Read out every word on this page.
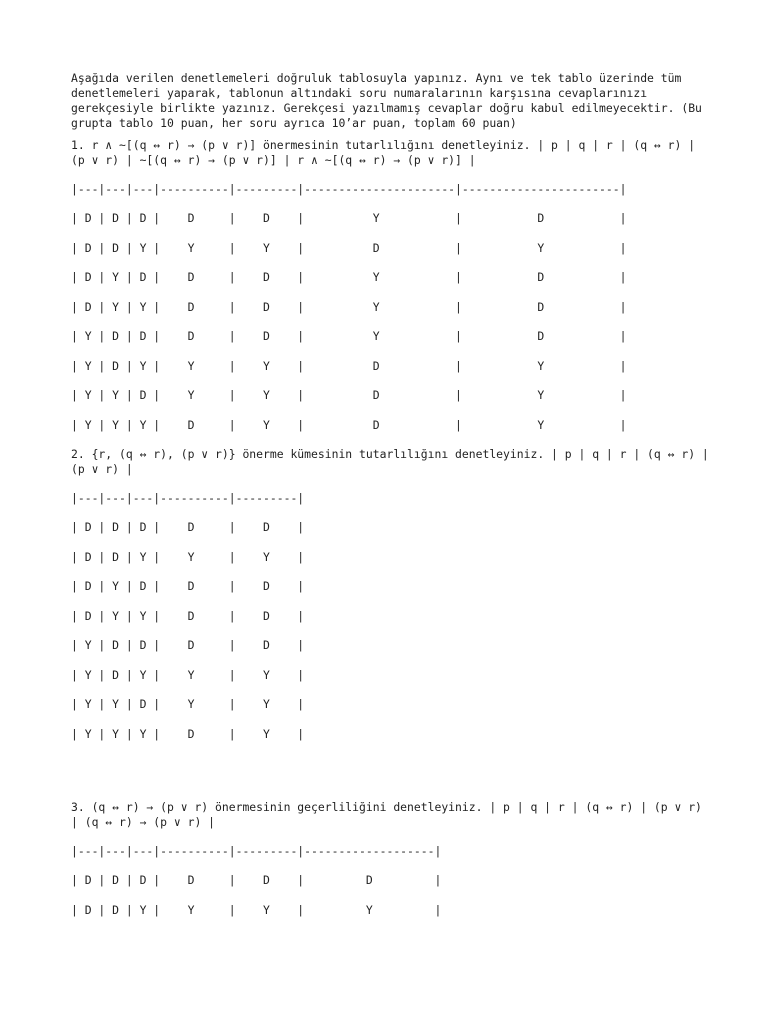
Aşağıda verilen denetlemeleri doğruluk tablosuyla yapınız. Aynı ve tek tablo üzerinde tüm denetlemeleri yaparak, tablonun altındaki soru numaralarının karşısına cevaplarınızı gerekçesiyle birlikte yazınız. Gerekçesi yazılmamış cevaplar doğru kabul edilmeyecektir. (Bu grupta tablo 10 puan, her soru ayrıca 10’ar puan, toplam 60 puan)

1. r ∧ ~[(q ↔ r) → (p ∨ r)] önermesinin tutarlılığını denetleyiniz. | p | q | r | (q ↔ r) | (p ∨ r) | ~[(q ↔ r) → (p ∨ r)] | r ∧ ~[(q ↔ r) → (p ∨ r)] |

|---|---|---|----------|---------|----------------------|-----------------------|
| D | D | D |    D     |    D    |          Y           |           D           |
| D | D | Y |    Y     |    Y    |          D           |           Y           |
| D | Y | D |    D     |    D    |          Y           |           D           |
| D | Y | Y |    D     |    D    |          Y           |           D           |
| Y | D | D |    D     |    D    |          Y           |           D           |
| Y | D | Y |    Y     |    Y    |          D           |           Y           |
| Y | Y | D |    Y     |    Y    |          D           |           Y           |
| Y | Y | Y |    D     |    Y    |          D           |           Y           |

2. {r, (q ↔ r), (p ∨ r)} önerme kümesinin tutarlılığını denetleyiniz. | p | q | r | (q ↔ r) | (p ∨ r) |

|---|---|---|----------|---------|
| D | D | D |    D     |    D    |
| D | D | Y |    Y     |    Y    |
| D | Y | D |    D     |    D    |
| D | Y | Y |    D     |    D    |
| Y | D | D |    D     |    D    |
| Y | D | Y |    Y     |    Y    |
| Y | Y | D |    Y     |    Y    |
| Y | Y | Y |    D     |    Y    |

3. (q ↔ r) → (p ∨ r) önermesinin geçerliliğini denetleyiniz. | p | q | r | (q ↔ r) | (p ∨ r) | (q ↔ r) → (p ∨ r) |

|---|---|---|----------|---------|-------------------|
| D | D | D |    D     |    D    |         D         |
| D | D | Y |    Y     |    Y    |         Y         |
